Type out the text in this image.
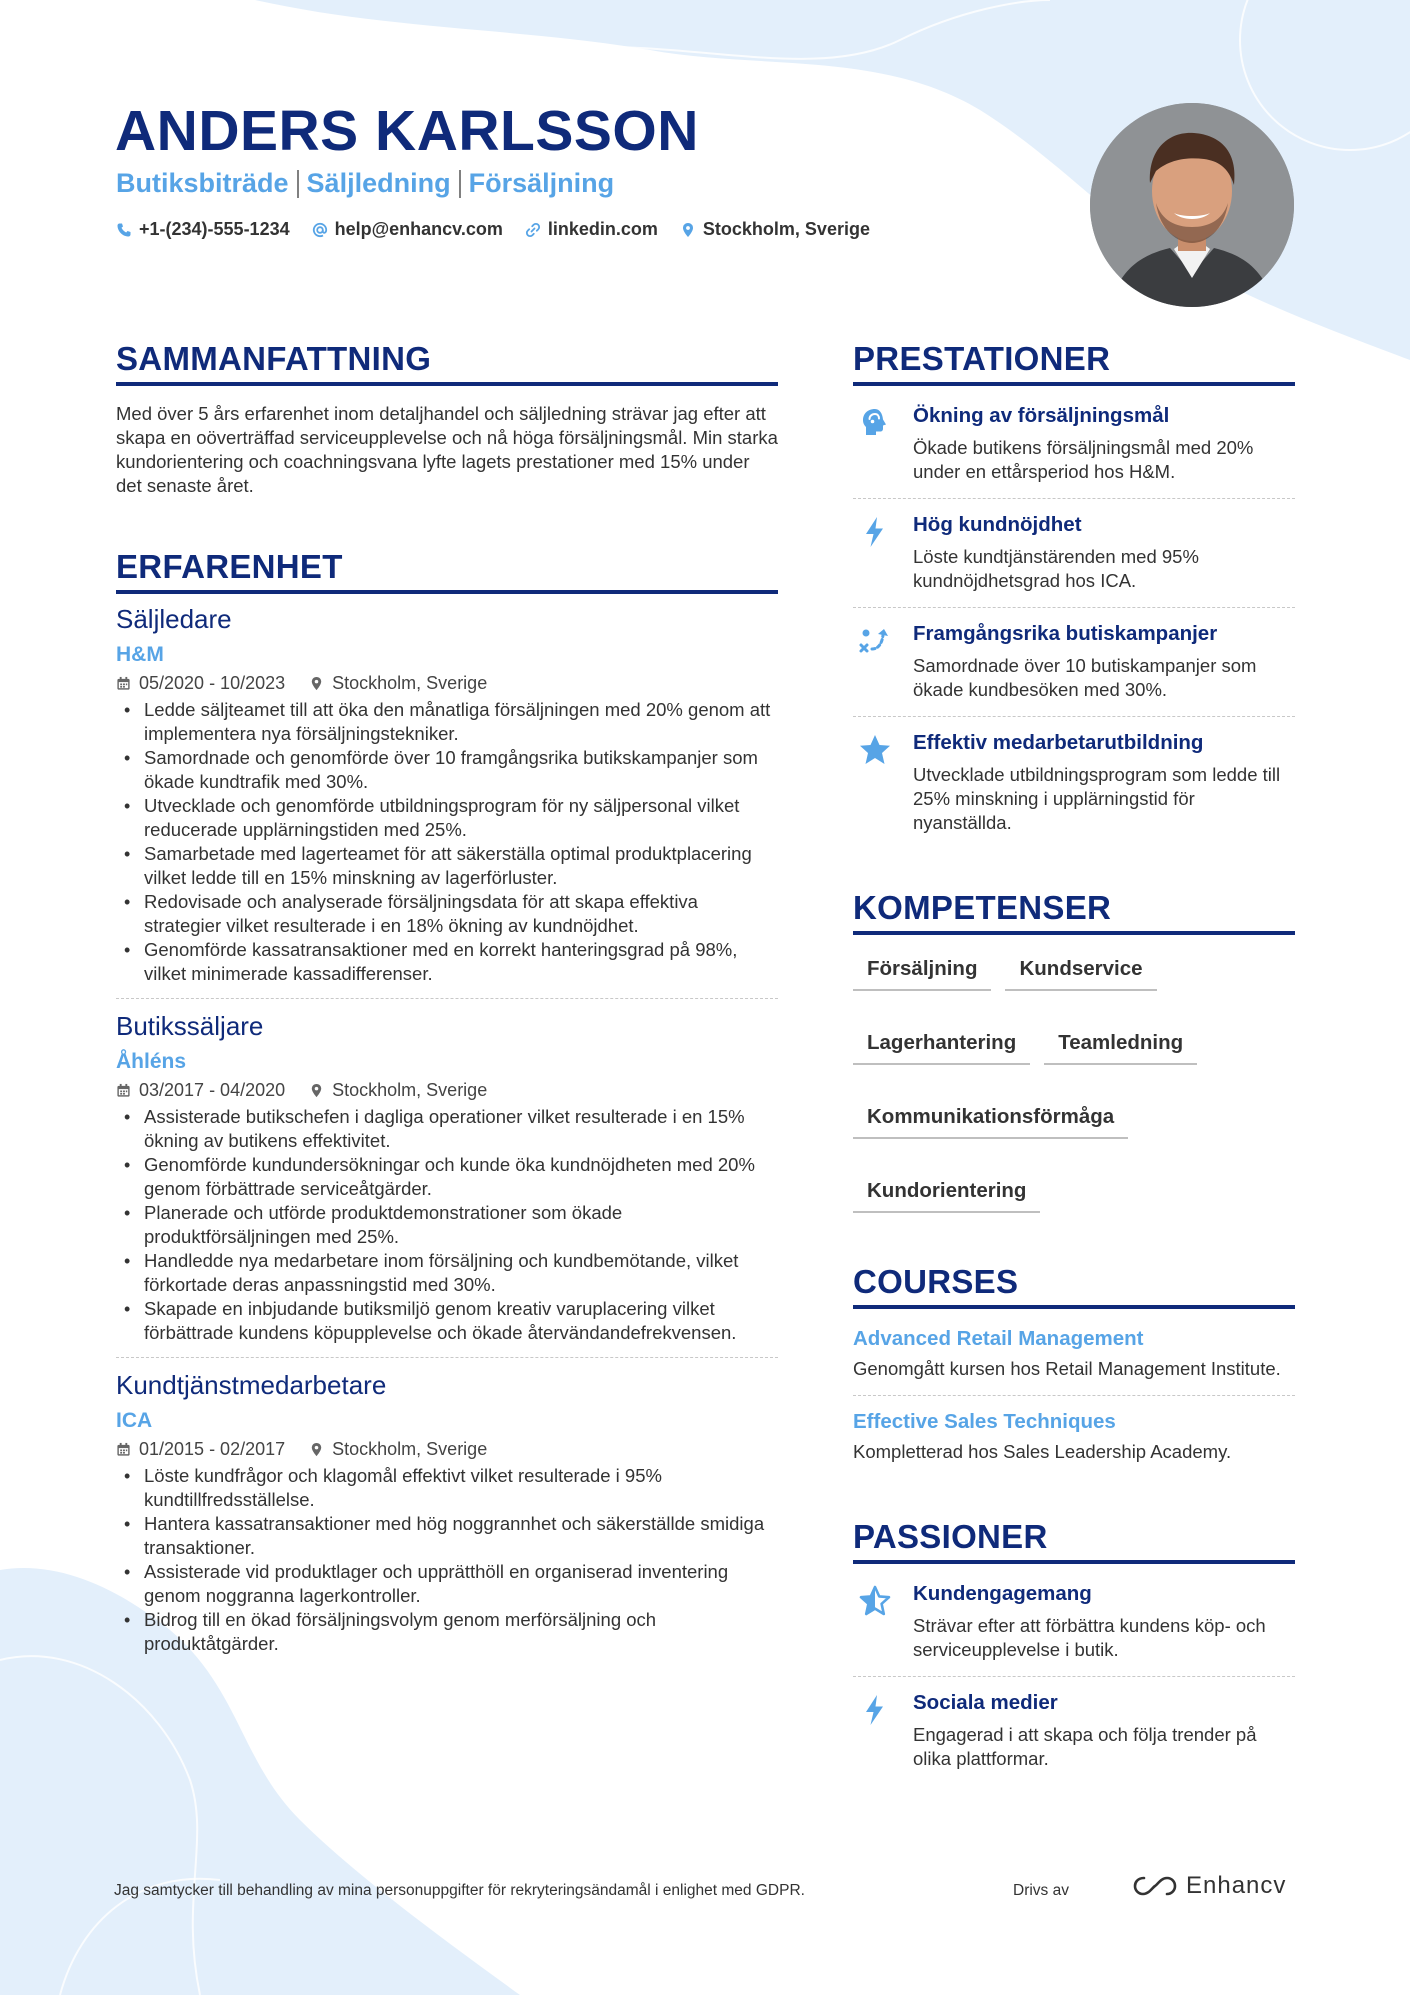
ANDERS KARLSSON
Butiksbiträde Säljledning Försäljning
+1-(234)-555-1234	help@enhancv.com	linkedin.com	Stockholm, Sverige
SAMMANFATTNING
Med över 5 års erfarenhet inom detaljhandel och säljledning strävar jag efter att skapa en oöverträffad serviceupplevelse och nå höga försäljningsmål. Min starka kundorientering och coachningsvana lyfte lagets prestationer med 15% under det senaste året.
ERFARENHET
Säljledare
H&M
05/2020 - 10/2023	Stockholm, Sverige
• Ledde säljteamet till att öka den månatliga försäljningen med 20% genom att implementera nya försäljningstekniker.
• Samordnade och genomförde över 10 framgångsrika butikskampanjer som ökade kundtrafik med 30%.
• Utvecklade och genomförde utbildningsprogram för ny säljpersonal vilket reducerade upplärningstiden med 25%.
• Samarbetade med lagerteamet för att säkerställa optimal produktplacering vilket ledde till en 15% minskning av lagerförluster.
• Redovisade och analyserade försäljningsdata för att skapa effektiva strategier vilket resulterade i en 18% ökning av kundnöjdhet.
• Genomförde kassatransaktioner med en korrekt hanteringsgrad på 98%, vilket minimerade kassadifferenser.
Butikssäljare
Åhléns
03/2017 - 04/2020	Stockholm, Sverige
• Assisterade butikschefen i dagliga operationer vilket resulterade i en 15% ökning av butikens effektivitet.
• Genomförde kundundersökningar och kunde öka kundnöjdheten med 20% genom förbättrade serviceåtgärder.
• Planerade och utförde produktdemonstrationer som ökade produktförsäljningen med 25%.
• Handledde nya medarbetare inom försäljning och kundbemötande, vilket förkortade deras anpassningstid med 30%.
• Skapade en inbjudande butiksmiljö genom kreativ varuplacering vilket förbättrade kundens köpupplevelse och ökade återvändandefrekvensen.
Kundtjänstmedarbetare
ICA
01/2015 - 02/2017	Stockholm, Sverige
• Löste kundfrågor och klagomål effektivt vilket resulterade i 95% kundtillfredsställelse.
• Hantera kassatransaktioner med hög noggrannhet och säkerställde smidiga transaktioner.
• Assisterade vid produktlager och upprätthöll en organiserad inventering genom noggranna lagerkontroller.
• Bidrog till en ökad försäljningsvolym genom merförsäljning och produktåtgärder.
PRESTATIONER
Ökning av försäljningsmål
Ökade butikens försäljningsmål med 20% under en ettårsperiod hos H&M.
Hög kundnöjdhet
Löste kundtjänstärenden med 95% kundnöjdhetsgrad hos ICA.
Framgångsrika butiskampanjer
Samordnade över 10 butiskampanjer som ökade kundbesöken med 30%.
Effektiv medarbetarutbildning
Utvecklade utbildningsprogram som ledde till 25% minskning i upplärningstid för nyanställda.
KOMPETENSER
Försäljning	Kundservice
Lagerhantering	Teamledning
Kommunikationsförmåga
Kundorientering
COURSES
Advanced Retail Management
Genomgått kursen hos Retail Management Institute.
Effective Sales Techniques
Kompletterad hos Sales Leadership Academy.
PASSIONER
Kundengagemang
Strävar efter att förbättra kundens köp- och serviceupplevelse i butik.
Sociala medier
Engagerad i att skapa och följa trender på olika plattformar.
Jag samtycker till behandling av mina personuppgifter för rekryteringsändamål i enlighet med GDPR.	Drivs av	Enhancv
